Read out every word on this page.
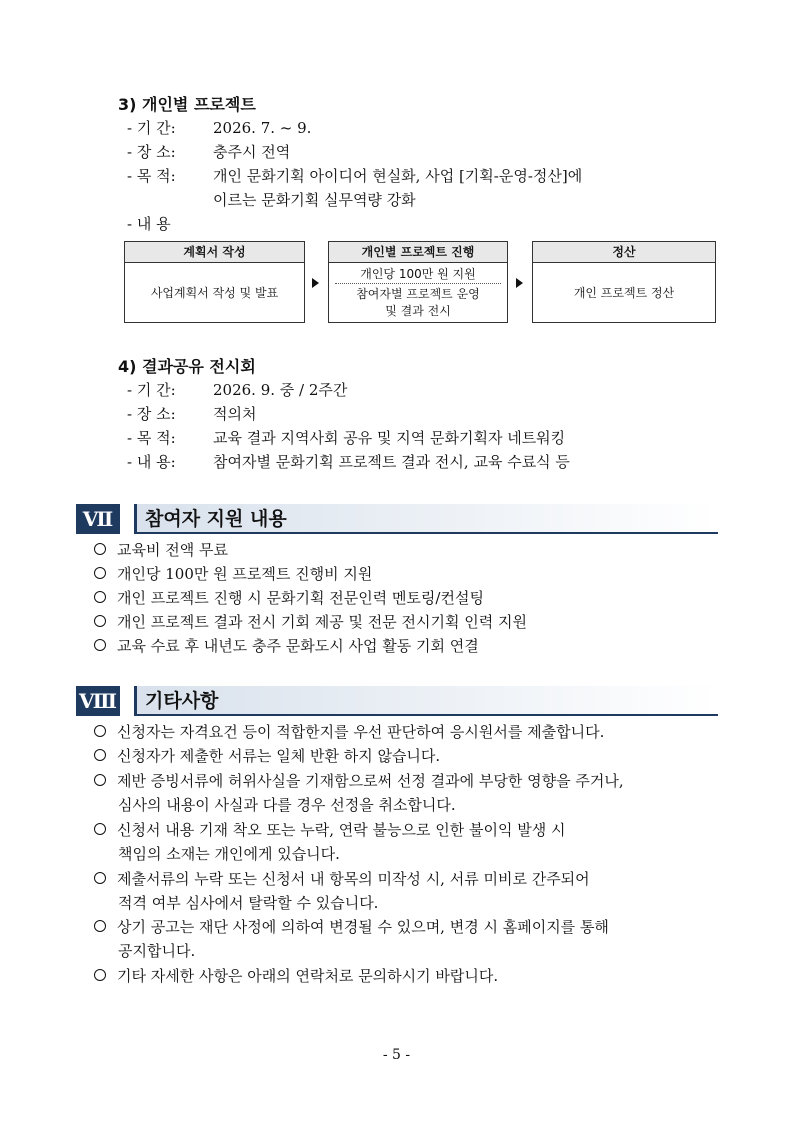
3) 개인별 프로젝트
- 기 간: 2026. 7. ~ 9.
- 장 소: 충주시 전역
- 목 적: 개인 문화기획 아이디어 현실화, 사업 [기획-운영-정산]에
이르는 문화기획 실무역량 강화
- 내 용
계획서 작성
사업계획서 작성 및 발표
개인별 프로젝트 진행
개인당 100만 원 지원
참여자별 프로젝트 운영
및 결과 전시
정산
개인 프로젝트 정산
4) 결과공유 전시회
- 기 간: 2026. 9. 중 / 2주간
- 장 소: 적의처
- 목 적: 교육 결과 지역사회 공유 및 지역 문화기획자 네트워킹
- 내 용: 참여자별 문화기획 프로젝트 결과 전시, 교육 수료식 등
Ⅶ	참여자 지원 내용
교육비 전액 무료
개인당 100만 원 프로젝트 진행비 지원
개인 프로젝트 진행 시 문화기획 전문인력 멘토링/컨설팅
개인 프로젝트 결과 전시 기회 제공 및 전문 전시기획 인력 지원
교육 수료 후 내년도 충주 문화도시 사업 활동 기회 연결
Ⅷ 기타사항
신청자는 자격요건 등이 적합한지를 우선 판단하여 응시원서를 제출합니다.
신청자가 제출한 서류는 일체 반환 하지 않습니다.
제반 증빙서류에 허위사실을 기재함으로써 선정 결과에 부당한 영향을 주거나,
심사의 내용이 사실과 다를 경우 선정을 취소합니다.
신청서 내용 기재 착오 또는 누락, 연락 불능으로 인한 불이익 발생 시
책임의 소재는 개인에게 있습니다.
제출서류의 누락 또는 신청서 내 항목의 미작성 시, 서류 미비로 간주되어
적격 여부 심사에서 탈락할 수 있습니다.
상기 공고는 재단 사정에 의하여 변경될 수 있으며, 변경 시 홈페이지를 통해
공지합니다.
기타 자세한 사항은 아래의 연락처로 문의하시기 바랍니다.
- 5 -
